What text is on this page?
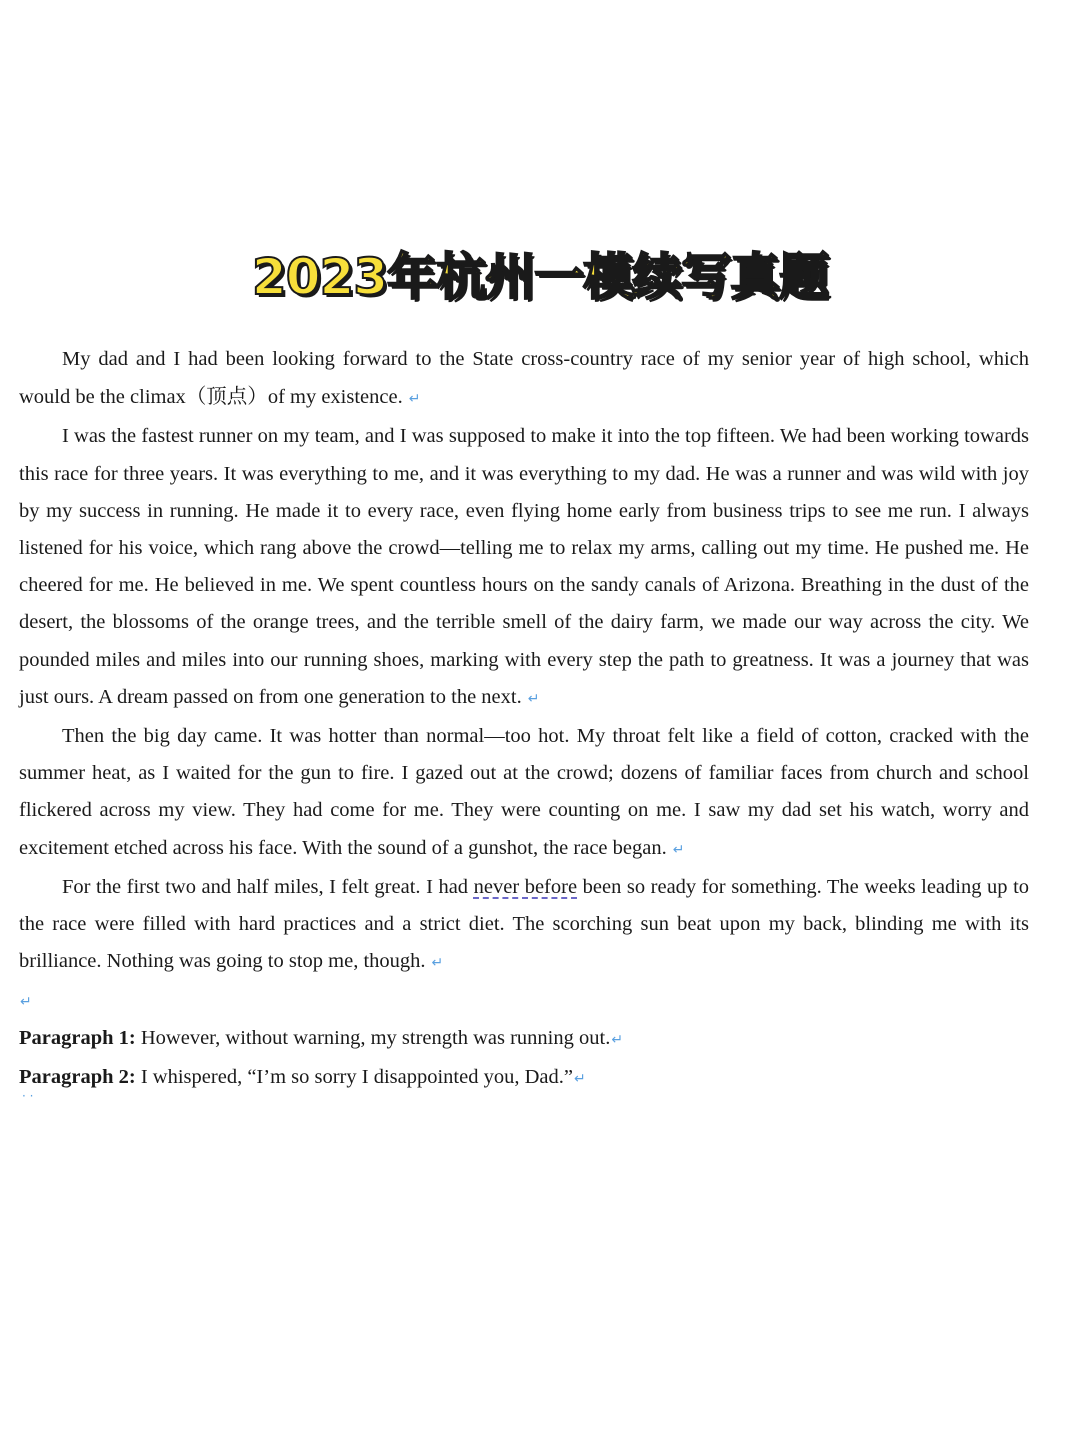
2023年杭州一模续写真题

My dad and I had been looking forward to the State cross-country race of my senior year of high school, which would be the climax（顶点）of my existence. ↵

I was the fastest runner on my team, and I was supposed to make it into the top fifteen. We had been working towards this race for three years. It was everything to me, and it was everything to my dad. He was a runner and was wild with joy by my success in running. He made it to every race, even flying home early from business trips to see me run. I always listened for his voice, which rang above the crowd—telling me to relax my arms, calling out my time. He pushed me. He cheered for me. He believed in me. We spent countless hours on the sandy canals of Arizona. Breathing in the dust of the desert, the blossoms of the orange trees, and the terrible smell of the dairy farm, we made our way across the city. We pounded miles and miles into our running shoes, marking with every step the path to greatness. It was a journey that was just ours. A dream passed on from one generation to the next. ↵

Then the big day came. It was hotter than normal—too hot. My throat felt like a field of cotton, cracked with the summer heat, as I waited for the gun to fire. I gazed out at the crowd; dozens of familiar faces from church and school flickered across my view. They had come for me. They were counting on me. I saw my dad set his watch, worry and excitement etched across his face. With the sound of a gunshot, the race began. ↵

For the first two and half miles, I felt great. I had never before been so ready for something. The weeks leading up to the race were filled with hard practices and a strict diet. The scorching sun beat upon my back, blinding me with its brilliance. Nothing was going to stop me, though. ↵

↵

Paragraph 1: However, without warning, my strength was running out.↵

Paragraph 2: I whispered, “I’m so sorry I disappointed you, Dad.”↵

· ·
